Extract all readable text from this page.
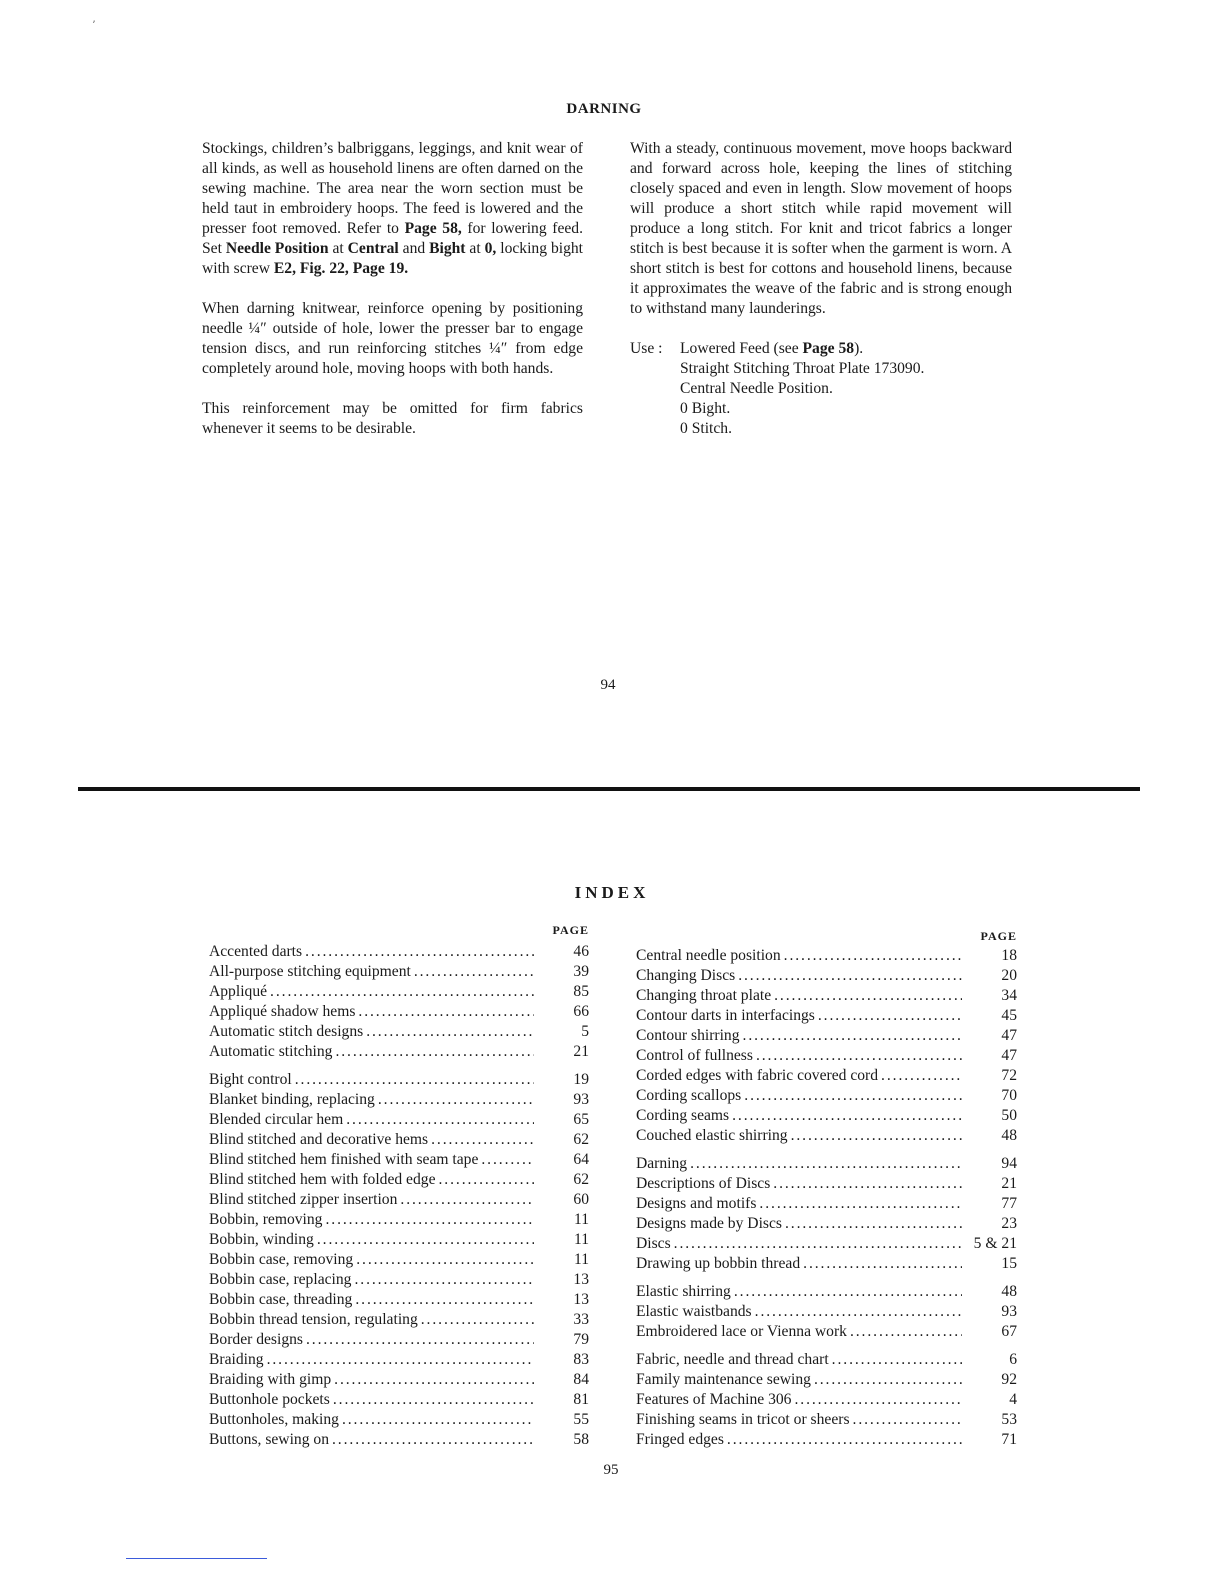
ʼ
DARNING

Stockings, children’s balbriggans, leggings, and knit wear of all kinds, as well as household linens are often darned on the sewing machine. The area near the worn section must be held taut in embroidery hoops. The feed is lowered and the presser foot removed. Refer to Page 58, for lowering feed. Set Needle Position at Central and Bight at 0, locking bight with screw E2, Fig. 22, Page 19.

When darning knitwear, reinforce opening by positioning needle ¼″ outside of hole, lower the presser bar to engage tension discs, and run reinforcing stitches ¼″ from edge completely around hole, moving hoops with both hands.

This reinforcement may be omitted for firm fabrics whenever it seems to be desirable.

With a steady, continuous movement, move hoops backward and forward across hole, keeping the lines of stitching closely spaced and even in length. Slow movement of hoops will produce a short stitch while rapid movement will produce a long stitch. For knit and tricot fabrics a longer stitch is best because it is softer when the garment is worn. A short stitch is best for cottons and household linens, because it approximates the weave of the fabric and is strong enough to withstand many launderings.

Use :	Lowered Feed (see Page 58).
Straight Stitching Throat Plate 173090.
Central Needle Position.
0 Bight.
0 Stitch.
94
INDEX
PAGE	PAGE
Accented darts . . .	46
All-purpose stitching equipment . . .	39
Appliqué . . .	85
Appliqué shadow hems . . .	66
Automatic stitch designs . . .	5
Automatic stitching . . .	21
Bight control . . .	19
Blanket binding, replacing . . .	93
Blended circular hem . . .	65
Blind stitched and decorative hems . . .	62
Blind stitched hem finished with seam tape . . .	64
Blind stitched hem with folded edge . . .	62
Blind stitched zipper insertion . . .	60
Bobbin, removing . . .	11
Bobbin, winding . . .	11
Bobbin case, removing . . .	11
Bobbin case, replacing . . .	13
Bobbin case, threading . . .	13
Bobbin thread tension, regulating . . .	33
Border designs . . .	79
Braiding . . .	83
Braiding with gimp . . .	84
Buttonhole pockets . . .	81
Buttonholes, making . . .	55
Buttons, sewing on . . .	58
Central needle position . . .	18
Changing Discs . . .	20
Changing throat plate . . .	34
Contour darts in interfacings . . .	45
Contour shirring . . .	47
Control of fullness . . .	47
Corded edges with fabric covered cord . . .	72
Cording scallops . . .	70
Cording seams . . .	50
Couched elastic shirring . . .	48
Darning . . .	94
Descriptions of Discs . . .	21
Designs and motifs . . .	77
Designs made by Discs . . .	23
Discs . . .	5 & 21
Drawing up bobbin thread . . .	15
Elastic shirring . . .	48
Elastic waistbands . . .	93
Embroidered lace or Vienna work . . .	67
Fabric, needle and thread chart . . .	6
Family maintenance sewing . . .	92
Features of Machine 306 . . .	4
Finishing seams in tricot or sheers . . .	53
Fringed edges . . .	71
95
